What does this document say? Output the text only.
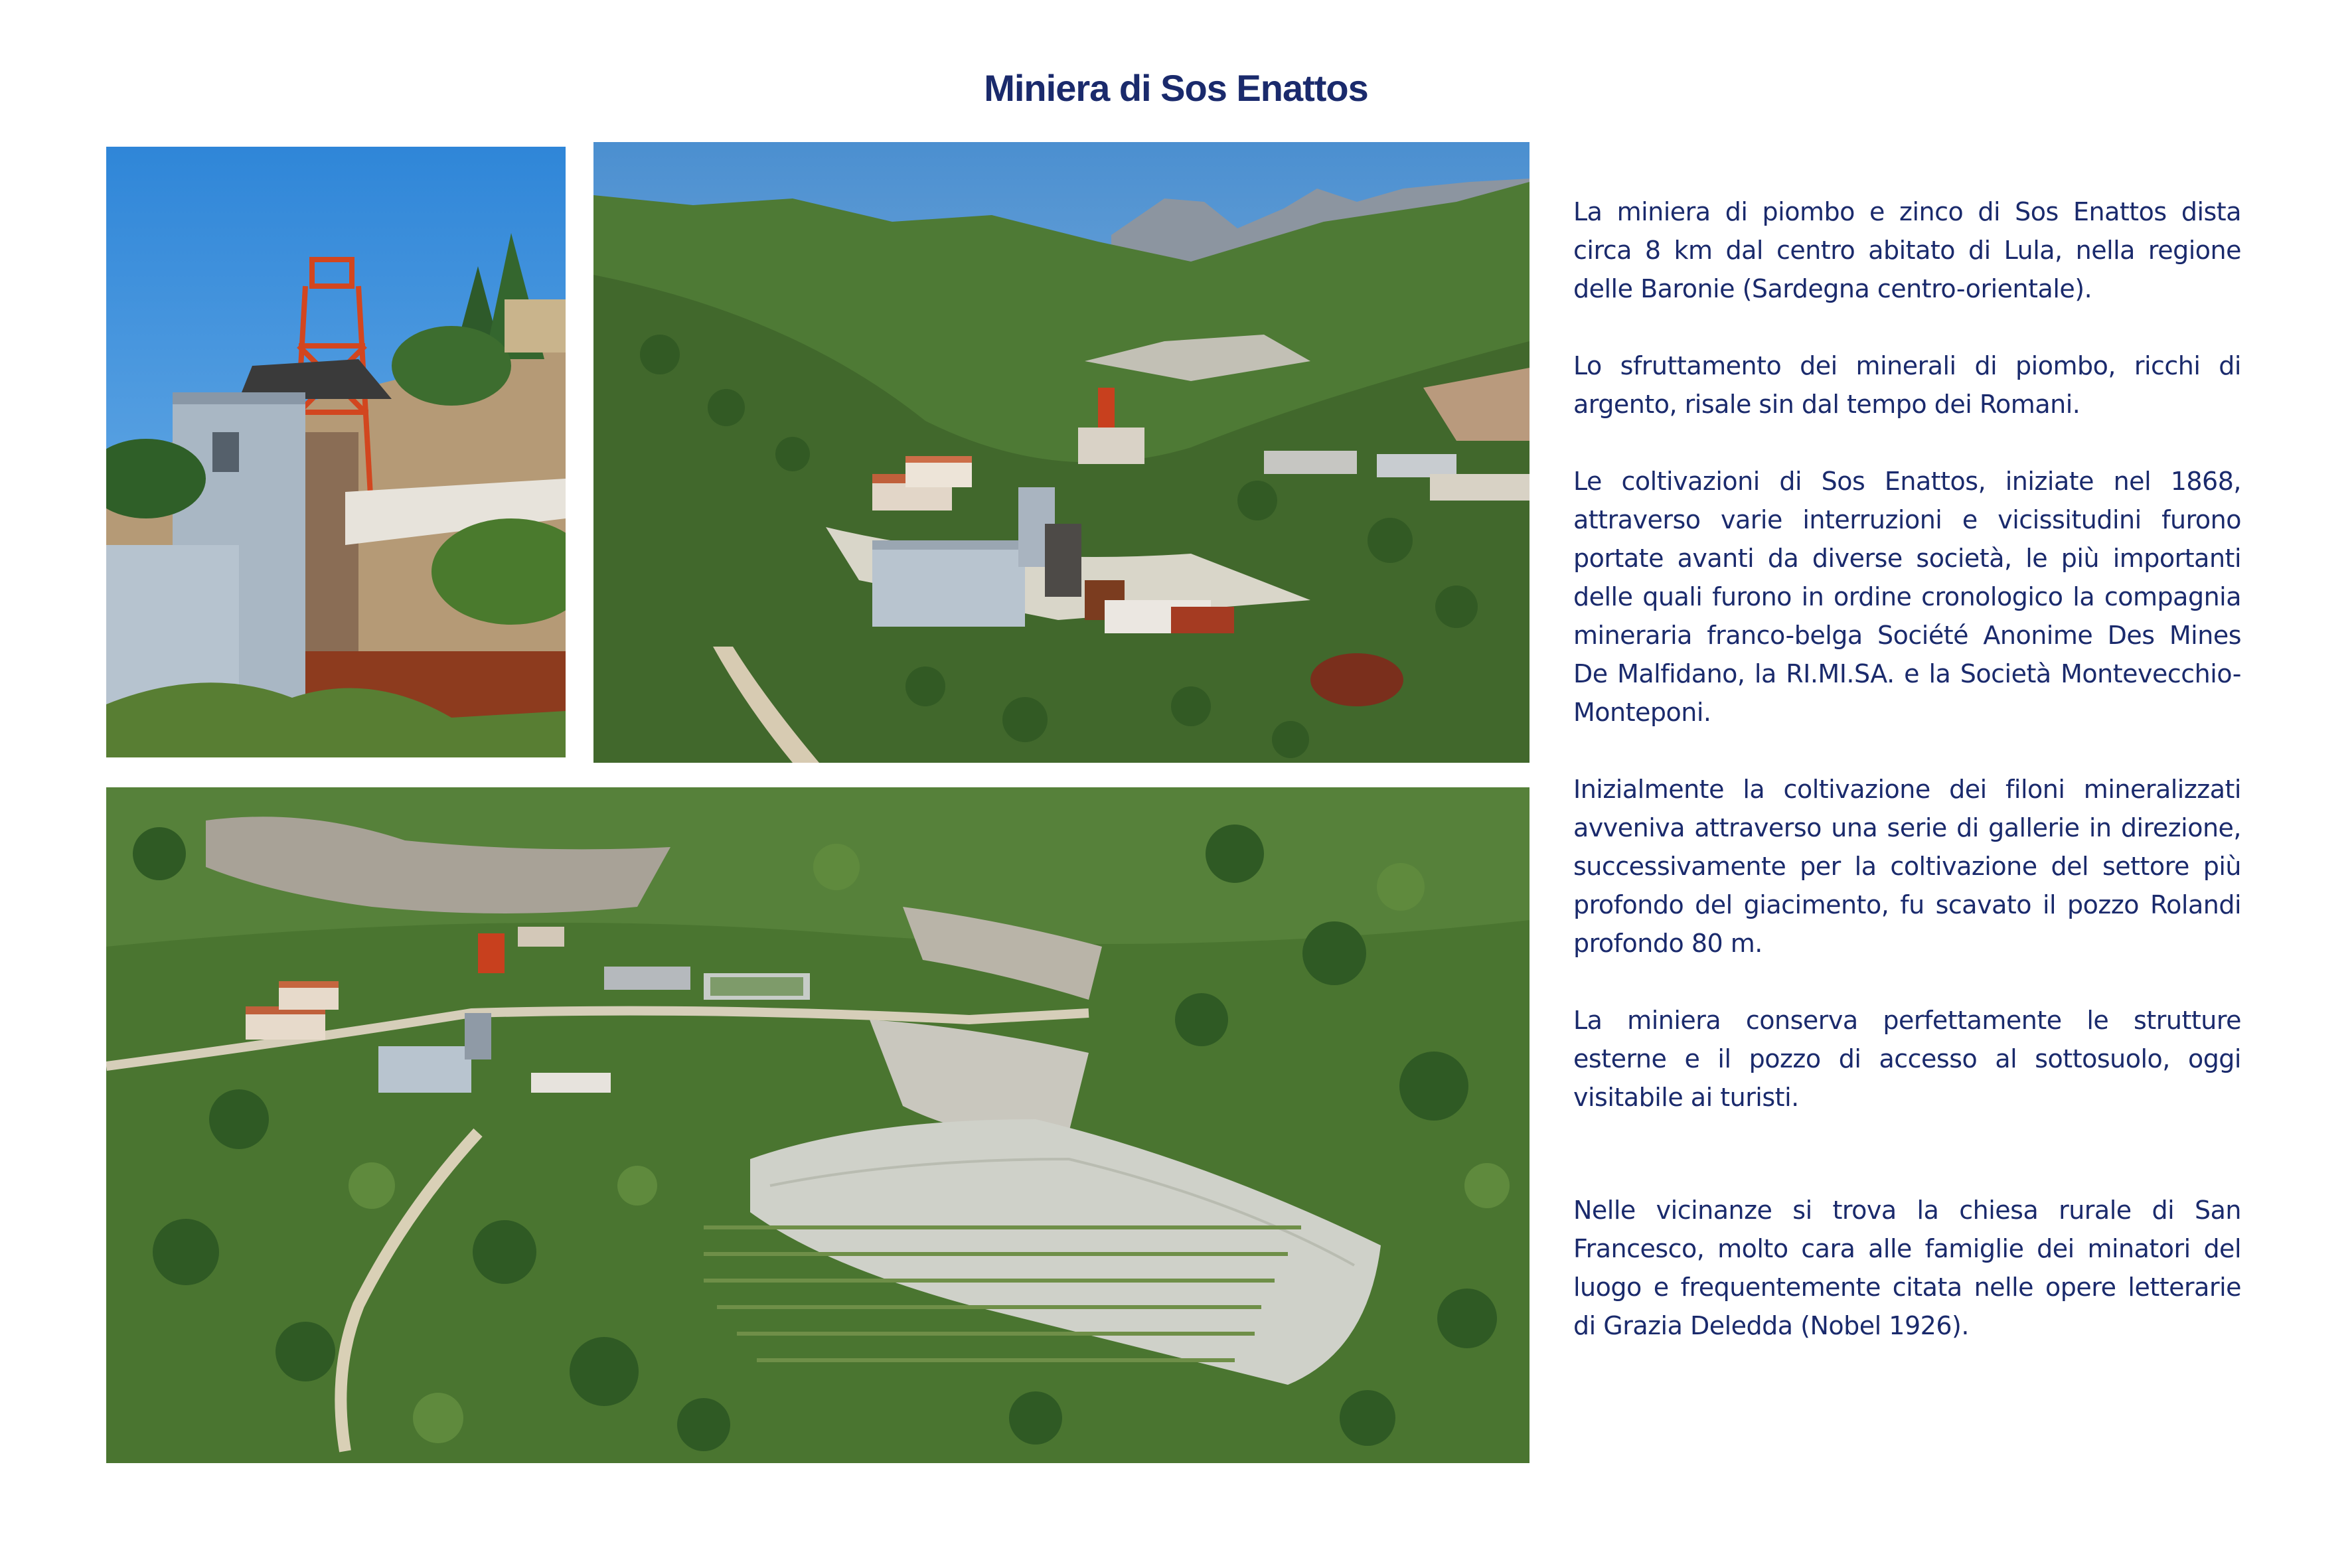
Miniera di Sos Enattos

La miniera di piombo e zinco di Sos Enattos dista circa 8 km dal centro abitato di Lula, nella regione delle Baronie (Sardegna centro-orientale).

Lo sfruttamento dei minerali di piombo, ricchi di argento, risale sin dal tempo dei Romani.

Le coltivazioni di Sos Enattos, iniziate nel 1868, attraverso varie interruzioni e vicissitudini furono portate avanti da diverse società, le più importanti delle quali furono in ordine cronologico la compagnia mineraria franco-belga Société Anonime Des Mines De Malfidano, la RI.MI.SA. e la Società Montevecchio-Monteponi.

Inizialmente la coltivazione dei filoni mineralizzati avveniva attraverso una serie di gallerie in direzione, successivamente per la coltivazione del settore più profondo del giacimento, fu scavato il pozzo Rolandi profondo 80 m.

La miniera conserva perfettamente le strutture esterne e il pozzo di accesso al sottosuolo, oggi visitabile ai turisti.

Nelle vicinanze si trova la chiesa rurale di San Francesco, molto cara alle famiglie dei minatori del luogo e frequentemente citata nelle opere letterarie di Grazia Deledda (Nobel 1926).
